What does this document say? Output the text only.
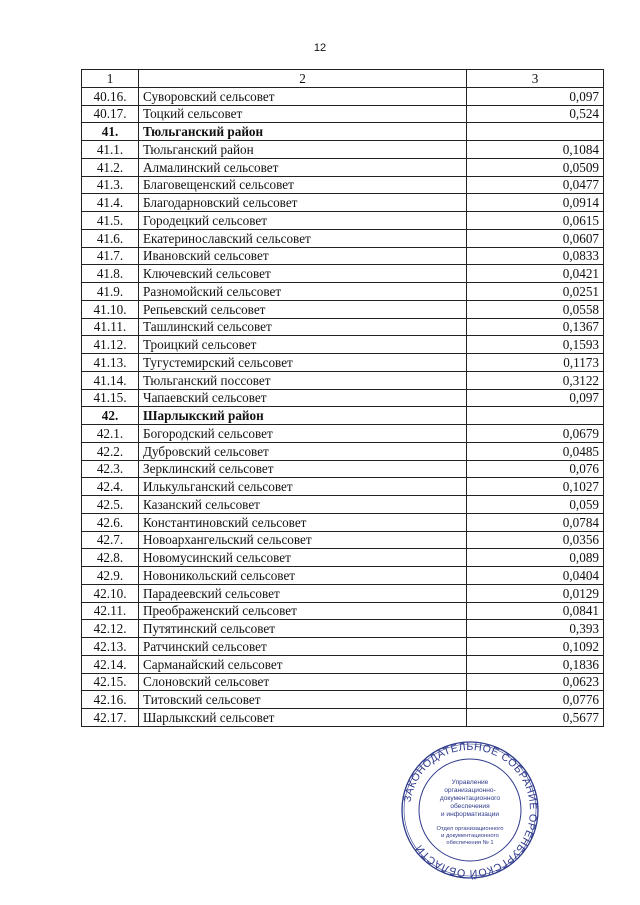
12
1	2	3
40.16.	Суворовский сельсовет	0,097
40.17.	Тоцкий сельсовет	0,524
41.	Тюльганский район	
41.1.	Тюльганский район	0,1084
41.2.	Алмалинский сельсовет	0,0509
41.3.	Благовещенский сельсовет	0,0477
41.4.	Благодарновский сельсовет	0,0914
41.5.	Городецкий сельсовет	0,0615
41.6.	Екатеринославский сельсовет	0,0607
41.7.	Ивановский сельсовет	0,0833
41.8.	Ключевский сельсовет	0,0421
41.9.	Разномойский сельсовет	0,0251
41.10.	Репьевский сельсовет	0,0558
41.11.	Ташлинский сельсовет	0,1367
41.12.	Троицкий сельсовет	0,1593
41.13.	Тугустемирский сельсовет	0,1173
41.14.	Тюльганский поссовет	0,3122
41.15.	Чапаевский сельсовет	0,097
42.	Шарлыкский район	
42.1.	Богородский сельсовет	0,0679
42.2.	Дубровский сельсовет	0,0485
42.3.	Зерклинский сельсовет	0,076
42.4.	Илькульганский сельсовет	0,1027
42.5.	Казанский сельсовет	0,059
42.6.	Константиновский сельсовет	0,0784
42.7.	Новоархангельский сельсовет	0,0356
42.8.	Новомусинский сельсовет	0,089
42.9.	Новоникольский сельсовет	0,0404
42.10.	Парадеевский сельсовет	0,0129
42.11.	Преображенский сельсовет	0,0841
42.12.	Путятинский сельсовет	0,393
42.13.	Ратчинский сельсовет	0,1092
42.14.	Сарманайский сельсовет	0,1836
42.15.	Слоновский сельсовет	0,0623
42.16.	Титовский сельсовет	0,0776
42.17.	Шарлыкский сельсовет	0,5677
ЗАКОНОДАТЕЛЬНОЕ СОБРАНИЕ ОРЕНБУРГСКОЙ ОБЛАСТИ
Управление
организационно-
документационного
обеспечения
и информатизации
Отдел организационного
и документационного
обеспечения № 1
